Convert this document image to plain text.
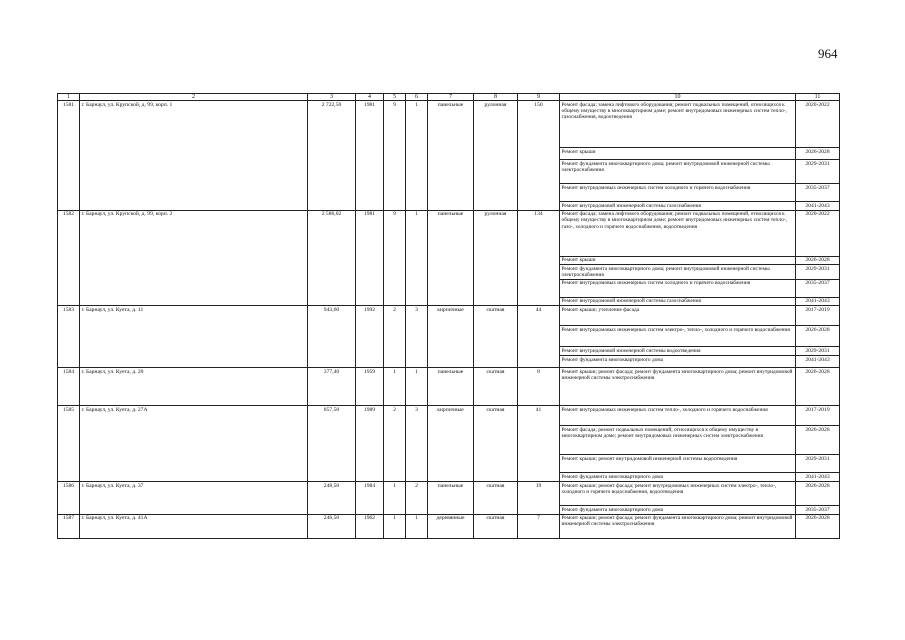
964
1	2	3	4	5	6	7	8	9	10	11
1581	г. Барнаул, ул. Крупской, д. 99, корп. 1	2 722,50	1981	9	1	панельные	рулонная	150	Ремонт фасада; замена лифтового оборудования; ремонт подвальных помещений, относящихся к общему имуществу в многоквартирном доме; ремонт внутридомовых инженерных систем тепло-, газоснабжения, водоотведения	2020-2022
									Ремонт крыши	2026-2028
									Ремонт фундамента многоквартирного дома; ремонт внутридомовой инженерной системы электроснабжения	2029-2031
									Ремонт внутридомовых инженерных систем холодного и горячего водоснабжения	2035-2037
									Ремонт внутридомовой инженерной системы газоснабжения	2041-2043
1582	г. Барнаул, ул. Крупской, д. 99, корп. 2	2 586,02	1981	9	1	панельные	рулонная	134	Ремонт фасада; замена лифтового оборудования; ремонт подвальных помещений, относящихся к общему имуществу в многоквартирном доме; ремонт внутридомовых инженерных систем тепло-, газо-, холодного и горячего водоснабжения, водоотведения	2020-2022
									Ремонт крыши	2026-2028
									Ремонт фундамента многоквартирного дома; ремонт внутридомовой инженерной системы электроснабжения	2029-2031
									Ремонт внутридомовых инженерных систем холодного и горячего водоснабжения	2035-2037
									Ремонт внутридомовой инженерной системы газоснабжения	2041-2043
1583	г. Барнаул, ул. Куета, д. 11	943,60	1992	2	3	кирпичные	скатная	44	Ремонт крыши; утепление фасада	2017-2019
									Ремонт внутридомовых инженерных систем электро-, тепло-, холодного и горячего водоснабжения	2026-2028
									Ремонт внутридомовой инженерной системы водоотведения	2029-2031
									Ремонт фундамента многоквартирного дома	2041-2043
1584	г. Барнаул, ул. Куета, д. 20	377,40	1959	1	1	панельные	скатная	8	Ремонт крыши; ремонт фасада; ремонт фундамента многоквартирного дома; ремонт внутридомовой инженерной системы электроснабжения	2026-2028
1585	г. Барнаул, ул. Куета, д. 27А	857,50	1989	2	3	кирпичные	скатная	41	Ремонт внутридомовых инженерных систем тепло-, холодного и горячего водоснабжения	2017-2019
									Ремонт фасада; ремонт подвальных помещений, относящихся к общему имуществу в многоквартирном доме; ремонт внутридомовых инженерных систем электроснабжения	2026-2028
									Ремонт крыши; ремонт внутридомовой инженерной системы водоотведения	2029-2031
									Ремонт фундамента многоквартирного дома	2041-2043
1586	г. Барнаул, ул. Куета, д. 37	248,50	1984	1	2	панельные	скатная	19	Ремонт крыши; ремонт фасада; ремонт внутридомовых инженерных систем электро-, тепло-, холодного и горячего водоснабжения, водоотведения	2026-2028
									Ремонт фундамента многоквартирного дома	2035-2037
1587	г. Барнаул, ул. Куета, д. 41А	246,50	1962	1	1	деревянные	скатная	7	Ремонт крыши; ремонт фасада; ремонт фундамента многоквартирного дома; ремонт внутридомовой инженерной системы электроснабжения	2026-2028
